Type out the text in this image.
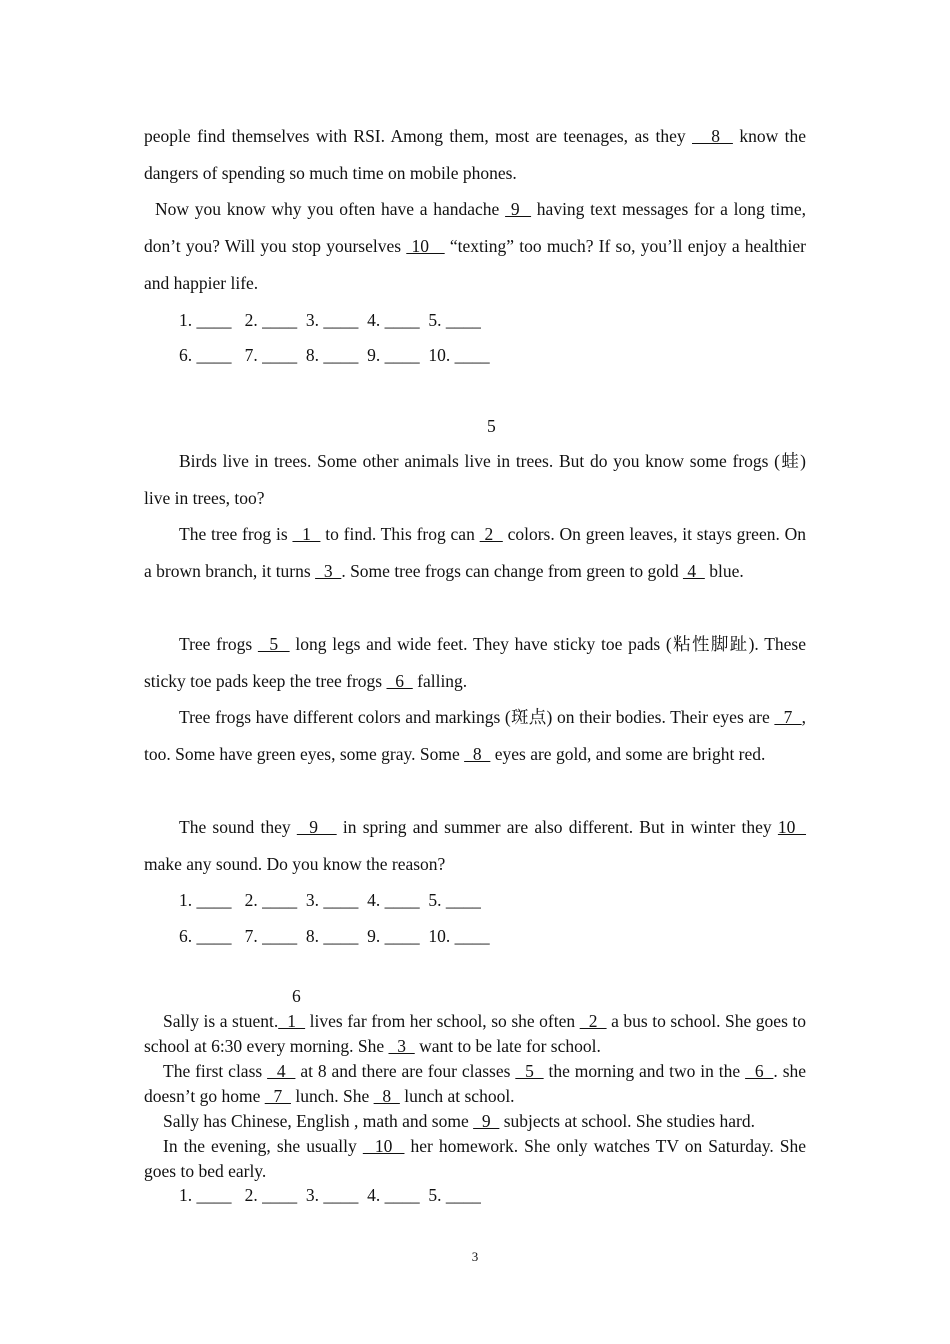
people find themselves with RSI. Among them, most are teenages, as they    8   know the dangers of spending so much time on mobile phones.

Now you know why you often have a handache  9   having text messages for a long time, don’t you? Will you stop yourselves  10    “texting” too much? If so, you’ll enjoy a healthier and happier life.

1. ____   2. ____  3. ____  4. ____  5. ____

6. ____   7. ____  8. ____  9. ____  10. ____

5

Birds live in trees. Some other animals live in trees. But do you know some frogs (蛙) live in trees, too?

The tree frog is   1   to find. This frog can  2   colors. On green leaves, it stays green. On a brown branch, it turns   3  . Some tree frogs can change from green to gold  4   blue.

Tree frogs   5   long legs and wide feet. They have sticky toe pads (粘性脚趾). These sticky toe pads keep the tree frogs   6   falling.

Tree frogs have different colors and markings (斑点) on their bodies. Their eyes are   7  , too. Some have green eyes, some gray. Some   8   eyes are gold, and some are bright red.

The sound they   9    in spring and summer are also different. But in winter they 10   make any sound. Do you know the reason?

1. ____   2. ____  3. ____  4. ____  5. ____

6. ____   7. ____  8. ____  9. ____  10. ____

6

Sally is a stuent.  1   lives far from her school, so she often   2   a bus to school. She goes to school at 6:30 every morning. She   3   want to be late for school.

The first class   4   at 8 and there are four classes   5   the morning and two in the   6  . she doesn’t go home   7   lunch. She   8   lunch at school.

Sally has Chinese, English , math and some   9   subjects at school. She studies hard.

In the evening, she usually   10   her homework. She only watches TV on Saturday. She goes to bed early.

1. ____   2. ____  3. ____  4. ____  5. ____

3
